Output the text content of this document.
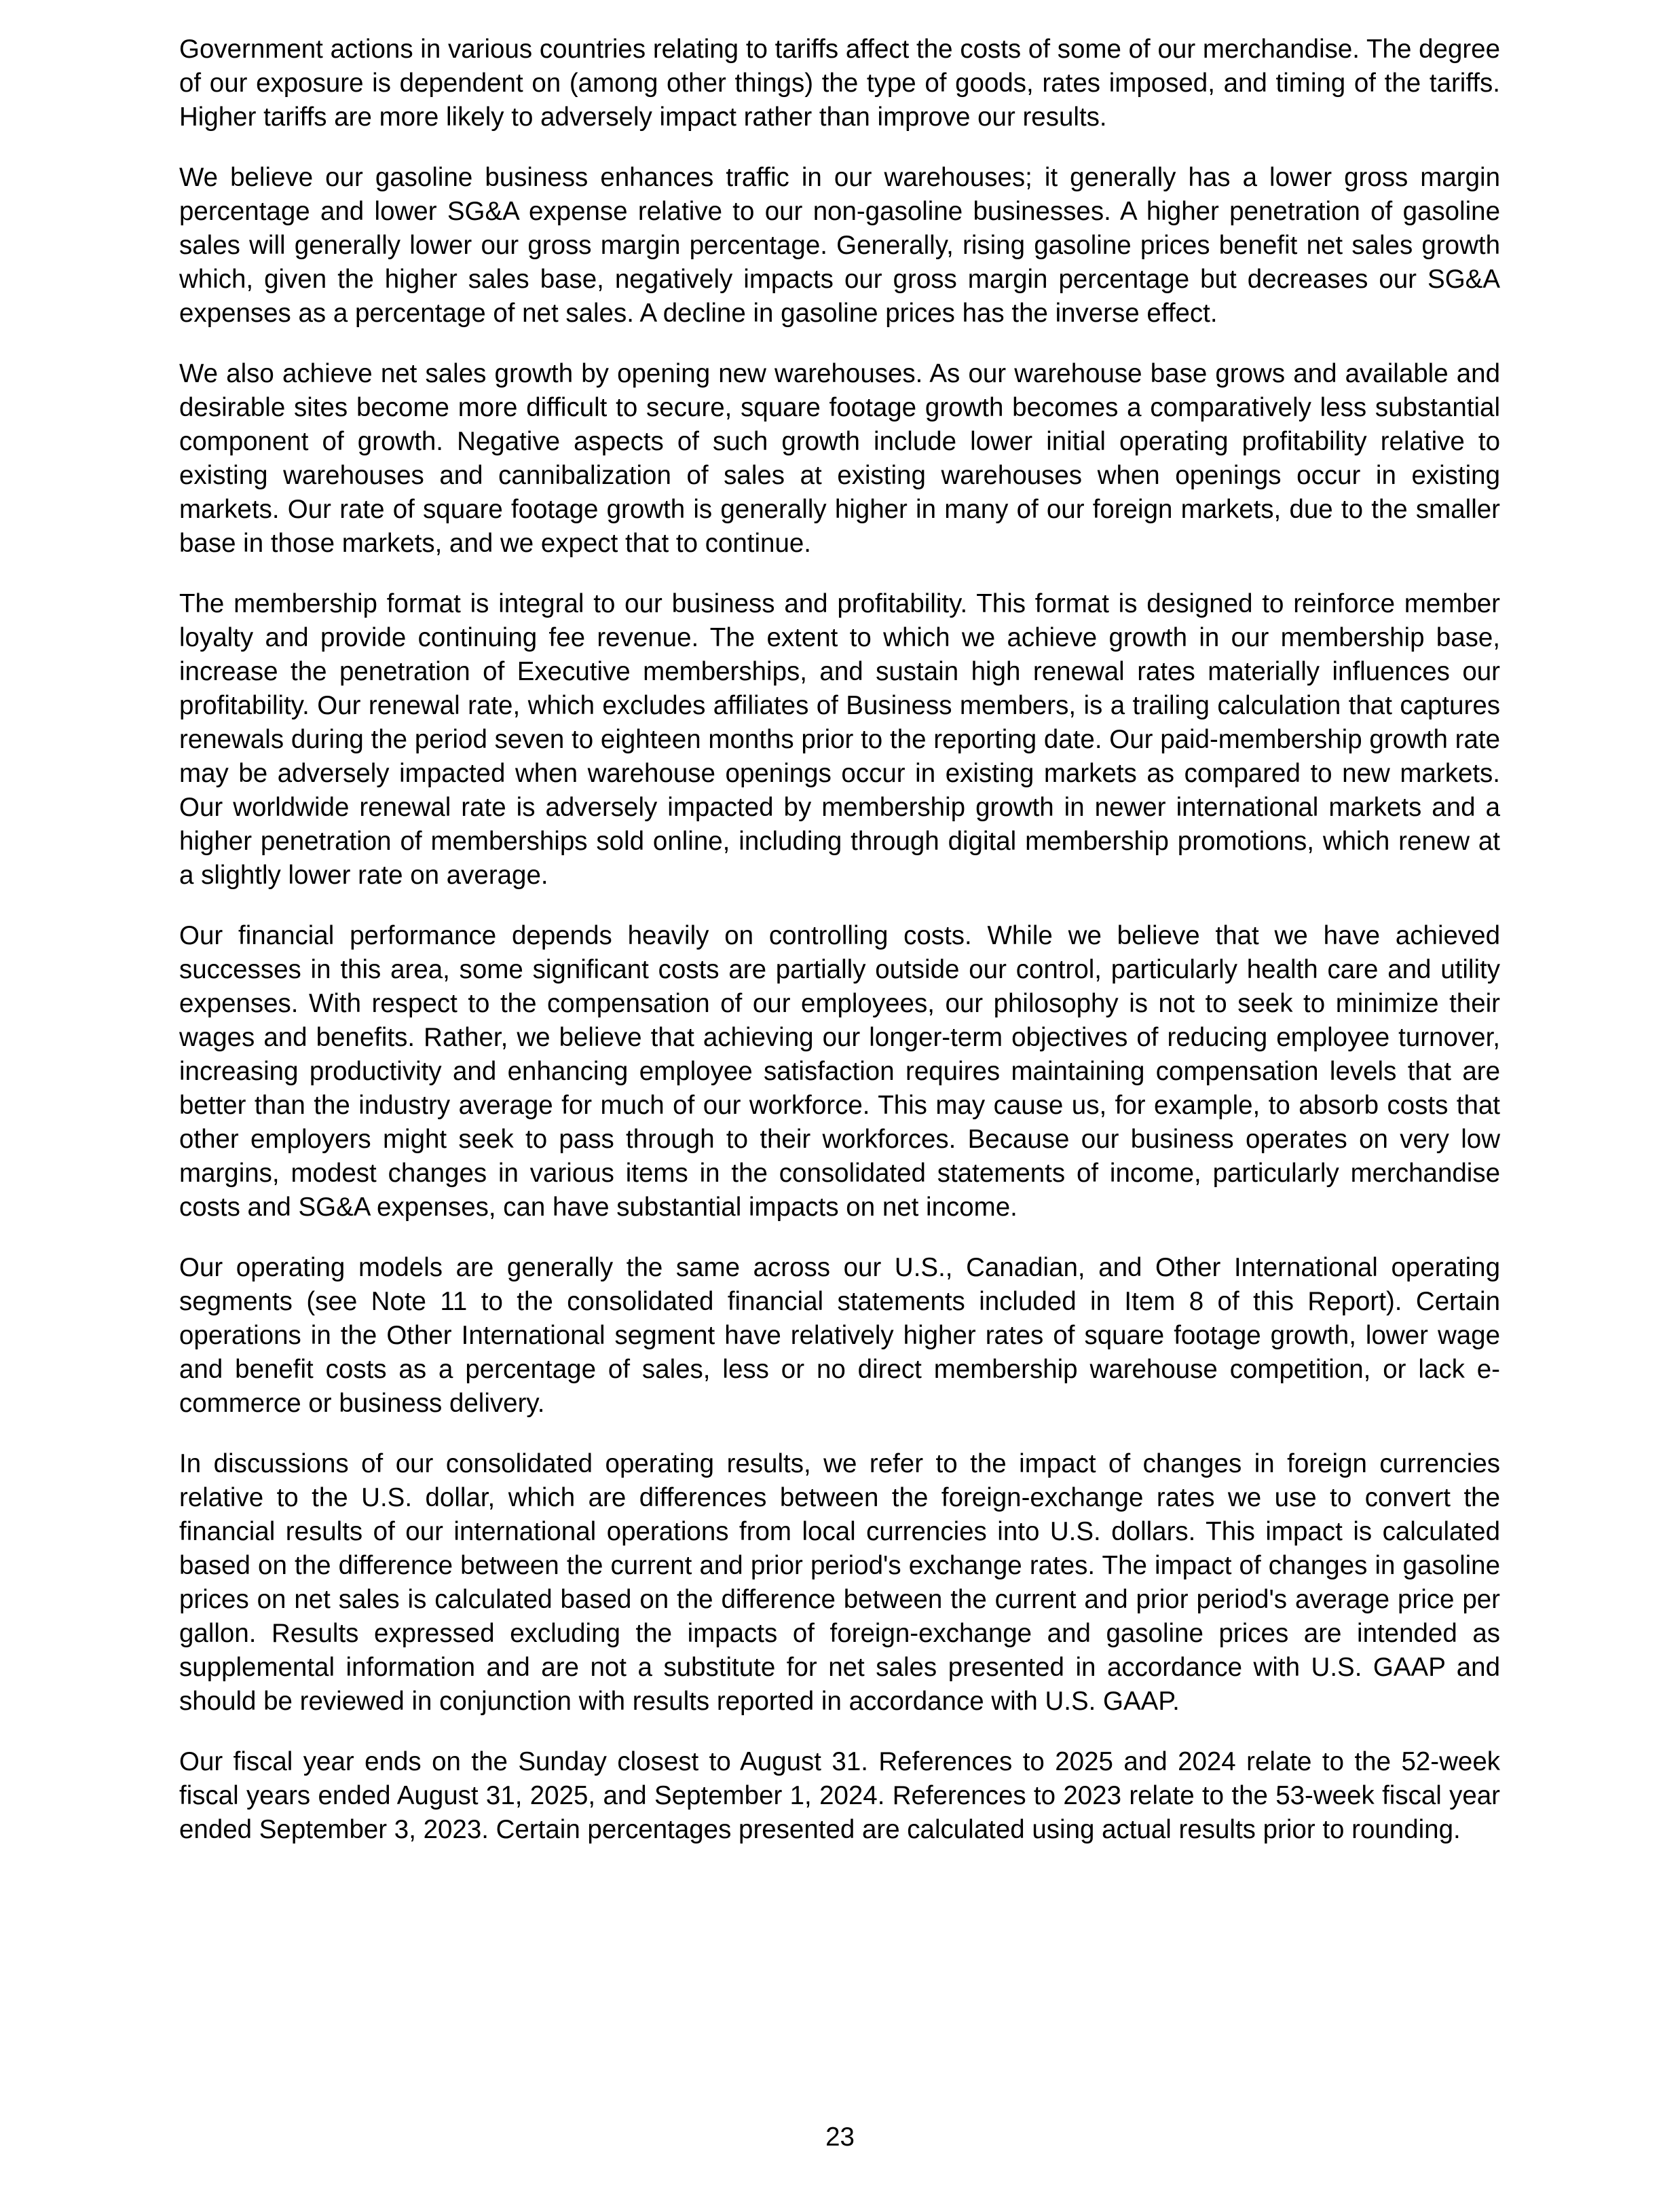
Government actions in various countries relating to tariffs affect the costs of some of our merchandise. The degree of our exposure is dependent on (among other things) the type of goods, rates imposed, and timing of the tariffs. Higher tariffs are more likely to adversely impact rather than improve our results.

We believe our gasoline business enhances traffic in our warehouses; it generally has a lower gross margin percentage and lower SG&A expense relative to our non-gasoline businesses. A higher penetration of gasoline sales will generally lower our gross margin percentage. Generally, rising gasoline prices benefit net sales growth which, given the higher sales base, negatively impacts our gross margin percentage but decreases our SG&A expenses as a percentage of net sales. A decline in gasoline prices has the inverse effect.

We also achieve net sales growth by opening new warehouses. As our warehouse base grows and available and desirable sites become more difficult to secure, square footage growth becomes a comparatively less substantial component of growth. Negative aspects of such growth include lower initial operating profitability relative to existing warehouses and cannibalization of sales at existing warehouses when openings occur in existing markets. Our rate of square footage growth is generally higher in many of our foreign markets, due to the smaller base in those markets, and we expect that to continue.

The membership format is integral to our business and profitability. This format is designed to reinforce member loyalty and provide continuing fee revenue. The extent to which we achieve growth in our membership base, increase the penetration of Executive memberships, and sustain high renewal rates materially influences our profitability. Our renewal rate, which excludes affiliates of Business members, is a trailing calculation that captures renewals during the period seven to eighteen months prior to the reporting date. Our paid-membership growth rate may be adversely impacted when warehouse openings occur in existing markets as compared to new markets. Our worldwide renewal rate is adversely impacted by membership growth in newer international markets and a higher penetration of memberships sold online, including through digital membership promotions, which renew at a slightly lower rate on average.

Our financial performance depends heavily on controlling costs. While we believe that we have achieved successes in this area, some significant costs are partially outside our control, particularly health care and utility expenses. With respect to the compensation of our employees, our philosophy is not to seek to minimize their wages and benefits. Rather, we believe that achieving our longer-term objectives of reducing employee turnover, increasing productivity and enhancing employee satisfaction requires maintaining compensation levels that are better than the industry average for much of our workforce. This may cause us, for example, to absorb costs that other employers might seek to pass through to their workforces. Because our business operates on very low margins, modest changes in various items in the consolidated statements of income, particularly merchandise costs and SG&A expenses, can have substantial impacts on net income.

Our operating models are generally the same across our U.S., Canadian, and Other International operating segments (see Note 11 to the consolidated financial statements included in Item 8 of this Report). Certain operations in the Other International segment have relatively higher rates of square footage growth, lower wage and benefit costs as a percentage of sales, less or no direct membership warehouse competition, or lack e-commerce or business delivery.

In discussions of our consolidated operating results, we refer to the impact of changes in foreign currencies relative to the U.S. dollar, which are differences between the foreign-exchange rates we use to convert the financial results of our international operations from local currencies into U.S. dollars. This impact is calculated based on the difference between the current and prior period's exchange rates. The impact of changes in gasoline prices on net sales is calculated based on the difference between the current and prior period's average price per gallon. Results expressed excluding the impacts of foreign-exchange and gasoline prices are intended as supplemental information and are not a substitute for net sales presented in accordance with U.S. GAAP and should be reviewed in conjunction with results reported in accordance with U.S. GAAP.

Our fiscal year ends on the Sunday closest to August 31. References to 2025 and 2024 relate to the 52-week fiscal years ended August 31, 2025, and September 1, 2024. References to 2023 relate to the 53-week fiscal year ended September 3, 2023. Certain percentages presented are calculated using actual results prior to rounding.

23
